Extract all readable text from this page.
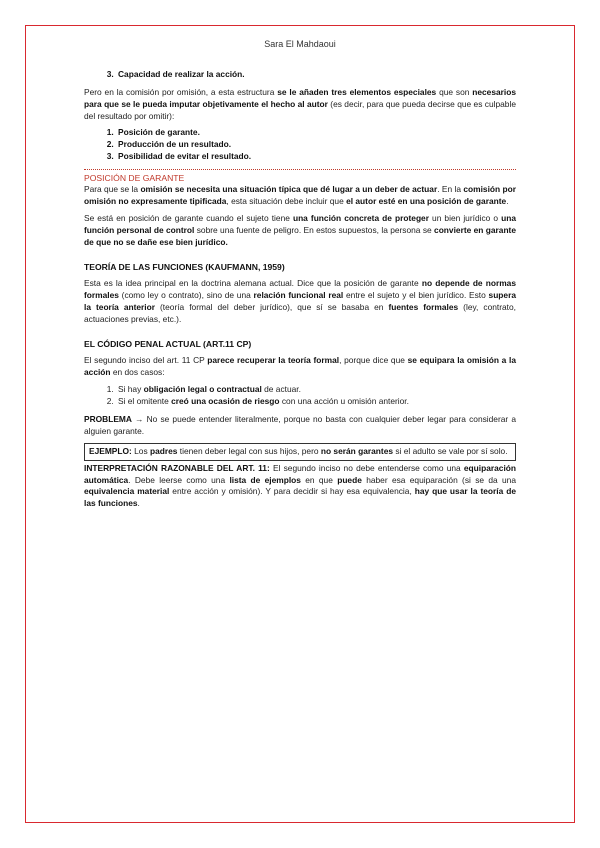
Sara El Mahdaoui
3. Capacidad de realizar la acción.

Pero en la comisión por omisión, a esta estructura se le añaden tres elementos especiales que son necesarios para que se le pueda imputar objetivamente el hecho al autor (es decir, para que pueda decirse que es culpable del resultado por omitir):

1. Posición de garante.
2. Producción de un resultado.
3. Posibilidad de evitar el resultado.
POSICIÓN DE GARANTE

Para que se la omisión se necesita una situación típica que dé lugar a un deber de actuar. En la comisión por omisión no expresamente tipificada, esta situación debe incluir que el autor esté en una posición de garante.

Se está en posición de garante cuando el sujeto tiene una función concreta de proteger un bien jurídico o una función personal de control sobre una fuente de peligro. En estos supuestos, la persona se convierte en garante de que no se dañe ese bien jurídico.

TEORÍA DE LAS FUNCIONES (KAUFMANN, 1959)

Esta es la idea principal en la doctrina alemana actual. Dice que la posición de garante no depende de normas formales (como ley o contrato), sino de una relación funcional real entre el sujeto y el bien jurídico. Esto supera la teoría anterior (teoría formal del deber jurídico), que sí se basaba en fuentes formales (ley, contrato, actuaciones previas, etc.).

EL CÓDIGO PENAL ACTUAL (ART.11 CP)

El segundo inciso del art. 11 CP parece recuperar la teoría formal, porque dice que se equipara la omisión a la acción en dos casos:

1. Si hay obligación legal o contractual de actuar.
2. Si el omitente creó una ocasión de riesgo con una acción u omisión anterior.

PROBLEMA → No se puede entender literalmente, porque no basta con cualquier deber legar para considerar a alguien garante.

EJEMPLO: Los padres tienen deber legal con sus hijos, pero no serán garantes si el adulto se vale por sí solo.

INTERPRETACIÓN RAZONABLE DEL ART. 11: El segundo inciso no debe entenderse como una equiparación automática. Debe leerse como una lista de ejemplos en que puede haber esa equiparación (si se da una equivalencia material entre acción y omisión). Y para decidir si hay esa equivalencia, hay que usar la teoría de las funciones.
